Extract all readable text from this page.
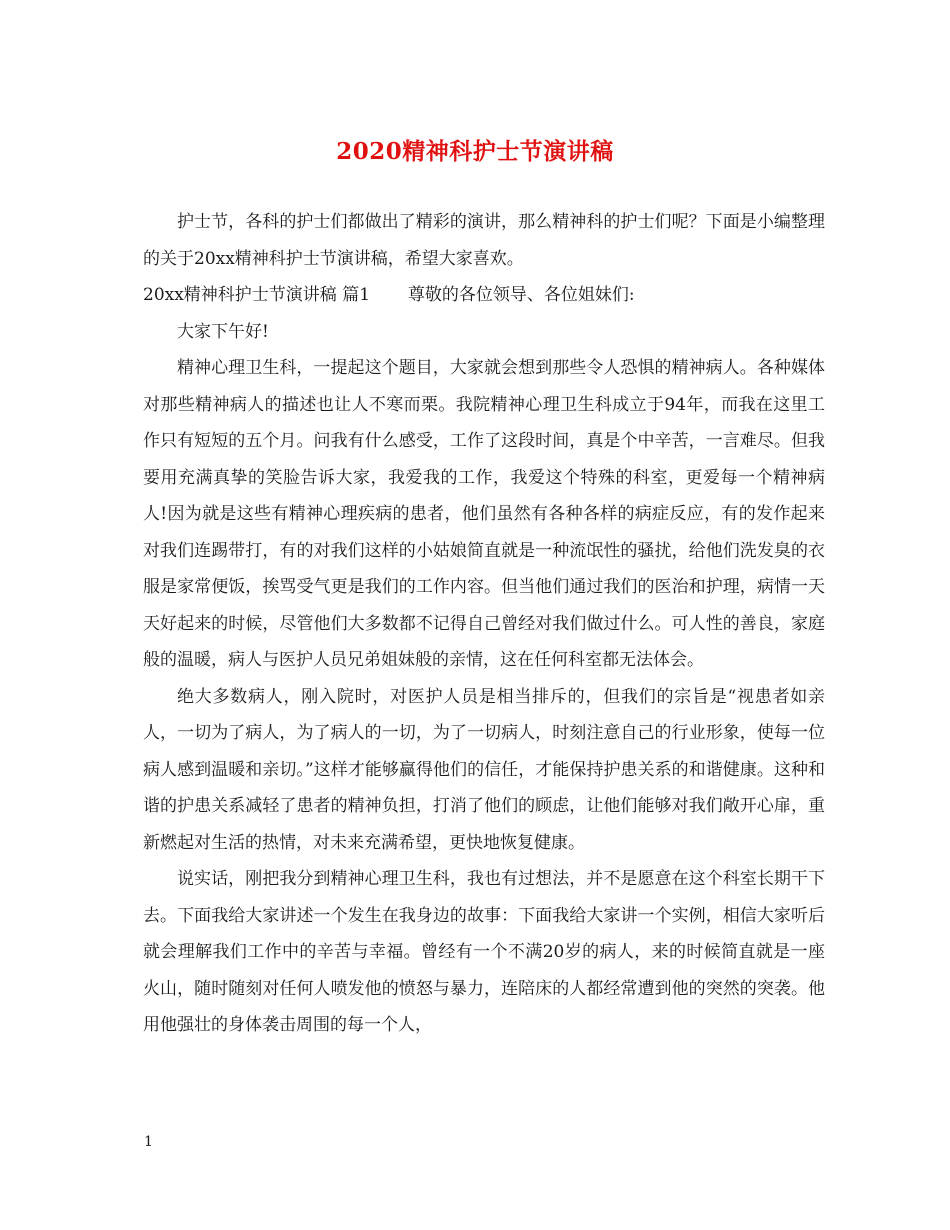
2020精神科护士节演讲稿

护士节，各科的护士们都做出了精彩的演讲，那么精神科的护士们呢？下面是小编整理的关于20xx精神科护士节演讲稿，希望大家喜欢。

20xx精神科护士节演讲稿 篇1       尊敬的各位领导、各位姐妹们:

大家下午好!

精神心理卫生科，一提起这个题目，大家就会想到那些令人恐惧的精神病人。各种媒体对那些精神病人的描述也让人不寒而栗。我院精神心理卫生科成立于94年，而我在这里工作只有短短的五个月。问我有什么感受，工作了这段时间，真是个中辛苦，一言难尽。但我要用充满真挚的笑脸告诉大家，我爱我的工作，我爱这个特殊的科室，更爱每一个精神病人!因为就是这些有精神心理疾病的患者，他们虽然有各种各样的病症反应，有的发作起来对我们连踢带打，有的对我们这样的小姑娘简直就是一种流氓性的骚扰，给他们洗发臭的衣服是家常便饭，挨骂受气更是我们的工作内容。但当他们通过我们的医治和护理，病情一天天好起来的时候，尽管他们大多数都不记得自己曾经对我们做过什么。可人性的善良，家庭般的温暖，病人与医护人员兄弟姐妹般的亲情，这在任何科室都无法体会。

绝大多数病人，刚入院时，对医护人员是相当排斥的，但我们的宗旨是“视患者如亲人，一切为了病人，为了病人的一切，为了一切病人，时刻注意自己的行业形象，使每一位病人感到温暖和亲切。”这样才能够赢得他们的信任，才能保持护患关系的和谐健康。这种和谐的护患关系减轻了患者的精神负担，打消了他们的顾虑，让他们能够对我们敞开心扉，重新燃起对生活的热情，对未来充满希望，更快地恢复健康。

说实话，刚把我分到精神心理卫生科，我也有过想法，并不是愿意在这个科室长期干下去。下面我给大家讲述一个发生在我身边的故事：下面我给大家讲一个实例，相信大家听后就会理解我们工作中的辛苦与幸福。曾经有一个不满20岁的病人，来的时候简直就是一座火山，随时随刻对任何人喷发他的愤怒与暴力，连陪床的人都经常遭到他的突然的突袭。他用他强壮的身体袭击周围的每一个人，

1
